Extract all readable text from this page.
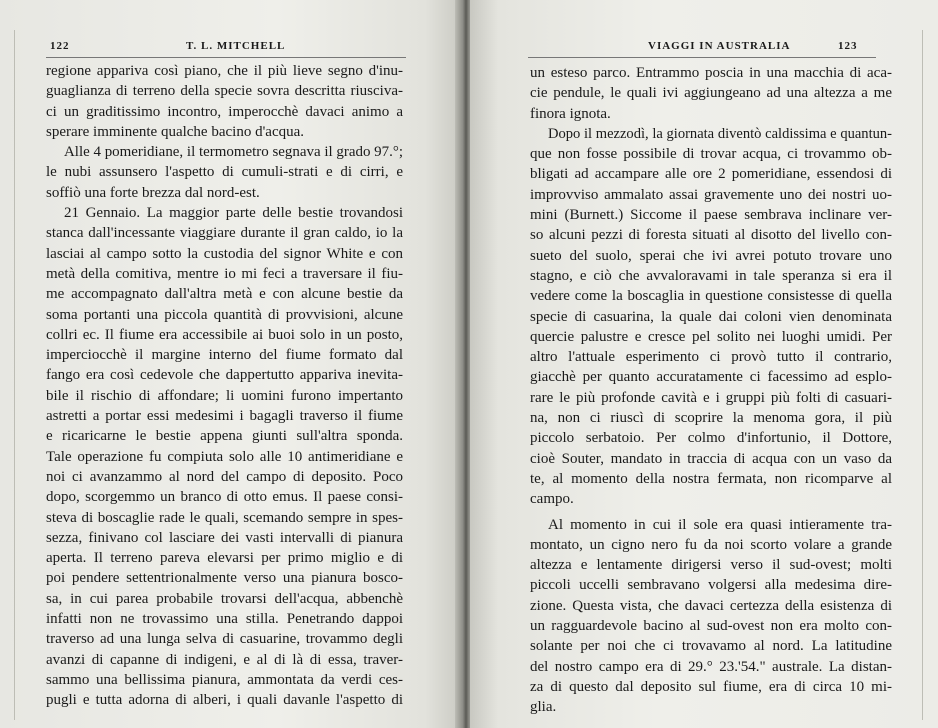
122	T. L. MITCHELL
regione appariva così piano, che il più lieve segno d'inu-
guaglianza di terreno della specie sovra descritta riusciva-
ci un graditissimo incontro, imperocchè davaci animo a
sperare imminente qualche bacino d'acqua.
Alle 4 pomeridiane, il termometro segnava il grado 97.°;
le nubi assunsero l'aspetto di cumuli-strati e di cirri, e
soffiò una forte brezza dal nord-est.
21 Gennaio. La maggior parte delle bestie trovandosi
stanca dall'incessante viaggiare durante il gran caldo, io la
lasciai al campo sotto la custodia del signor White e con
metà della comitiva, mentre io mi feci a traversare il fiu-
me accompagnato dall'altra metà e con alcune bestie da
soma portanti una piccola quantità di provvisioni, alcune
collri ec. Il fiume era accessibile ai buoi solo in un posto,
imperciocchè il margine interno del fiume formato dal
fango era così cedevole che dappertutto appariva inevita-
bile il rischio di affondare; li uomini furono impertanto
astretti a portar essi medesimi i bagagli traverso il fiume
e ricaricarne le bestie appena giunti sull'altra sponda.
Tale operazione fu compiuta solo alle 10 antimeridiane e
noi ci avanzammo al nord del campo di deposito. Poco
dopo, scorgemmo un branco di otto emus. Il paese consi-
steva di boscaglie rade le quali, scemando sempre in spes-
sezza, finivano col lasciare dei vasti intervalli di pianura
aperta. Il terreno pareva elevarsi per primo miglio e di
poi pendere settentrionalmente verso una pianura bosco-
sa, in cui parea probabile trovarsi dell'acqua, abbenchè
infatti non ne trovassimo una stilla. Penetrando dappoi
traverso ad una lunga selva di casuarine, trovammo degli
avanzi di capanne di indigeni, e al di là di essa, traver-
sammo una bellissima pianura, ammontata da verdi ces-
pugli e tutta adorna di alberi, i quali davanle l'aspetto di
VIAGGI IN AUSTRALIA	123
un esteso parco. Entrammo poscia in una macchia di aca-
cie pendule, le quali ivi aggiungeano ad una altezza a me
finora ignota.
Dopo il mezzodì, la giornata diventò caldissima e quantun-
que non fosse possibile di trovar acqua, ci trovammo ob-
bligati ad accampare alle ore 2 pomeridiane, essendosi di
improvviso ammalato assai gravemente uno dei nostri uo-
mini (Burnett.) Siccome il paese sembrava inclinare ver-
so alcuni pezzi di foresta situati al disotto del livello con-
sueto del suolo, sperai che ivi avrei potuto trovare uno
stagno, e ciò che avvaloravami in tale speranza si era il
vedere come la boscaglia in questione consistesse di quella
specie di casuarina, la quale dai coloni vien denominata
quercie palustre e cresce pel solito nei luoghi umidi. Per
altro l'attuale esperimento ci provò tutto il contrario,
giacchè per quanto accuratamente ci facessimo ad esplo-
rare le più profonde cavità e i gruppi più folti di casuari-
na, non ci riuscì di scoprire la menoma gora, il più
piccolo serbatoio. Per colmo d'infortunio, il Dottore,
cioè Souter, mandato in traccia di acqua con un vaso da
te, al momento della nostra fermata, non ricomparve al
campo.
Al momento in cui il sole era quasi intieramente tra-
montato, un cigno nero fu da noi scorto volare a grande
altezza e lentamente dirigersi verso il sud-ovest; molti
piccoli uccelli sembravano volgersi alla medesima dire-
zione. Questa vista, che davaci certezza della esistenza di
un ragguardevole bacino al sud-ovest non era molto con-
solante per noi che ci trovavamo al nord. La latitudine
del nostro campo era di 29.° 23.'54." australe. La distan-
za di questo dal deposito sul fiume, era di circa 10 mi-
glia.
